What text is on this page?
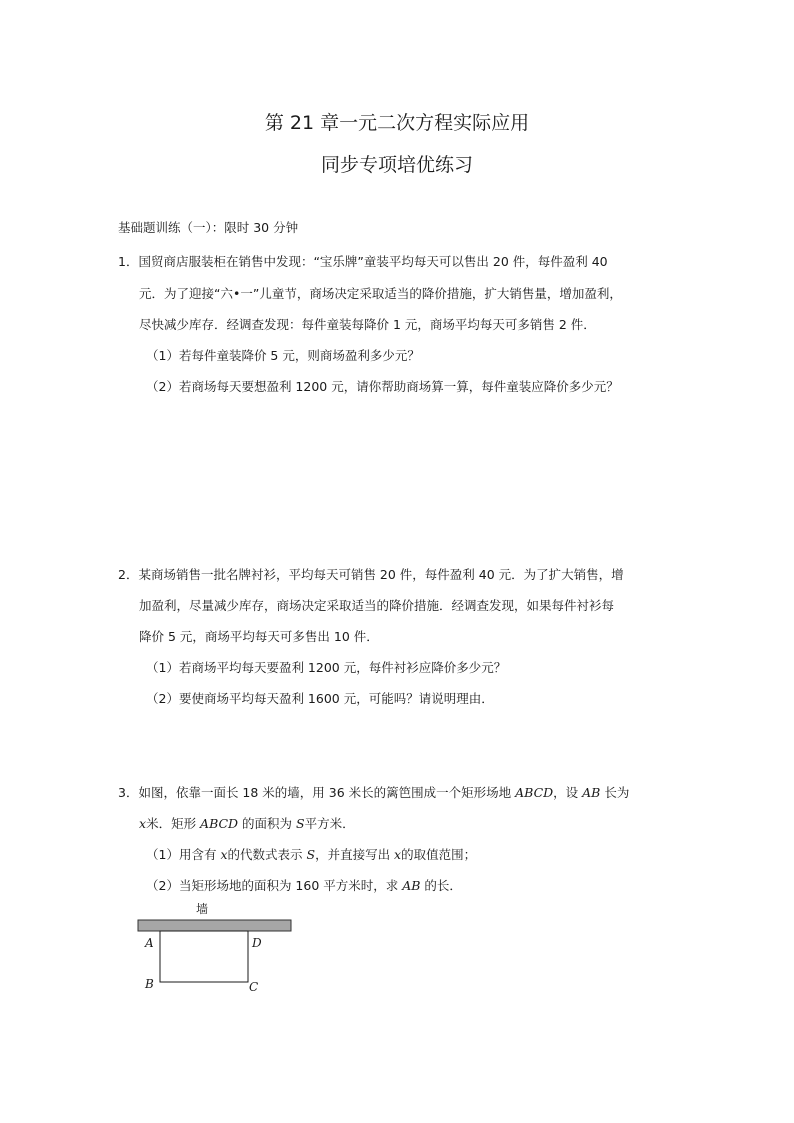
第 21 章一元二次方程实际应用
同步专项培优练习
基础题训练（一）：限时 30 分钟
1．国贸商店服装柜在销售中发现：“宝乐牌”童装平均每天可以售出 20 件，每件盈利 40
元．为了迎接“六•一”儿童节，商场决定采取适当的降价措施，扩大销售量，增加盈利，
尽快减少库存．经调查发现：每件童装每降价 1 元，商场平均每天可多销售 2 件．
（1）若每件童装降价 5 元，则商场盈利多少元？
（2）若商场每天要想盈利 1200 元，请你帮助商场算一算，每件童装应降价多少元？
2．某商场销售一批名牌衬衫，平均每天可销售 20 件，每件盈利 40 元．为了扩大销售，增
加盈利，尽量减少库存，商场决定采取适当的降价措施．经调查发现，如果每件衬衫每
降价 5 元，商场平均每天可多售出 10 件．
（1）若商场平均每天要盈利 1200 元，每件衬衫应降价多少元？
（2）要使商场平均每天盈利 1600 元，可能吗？请说明理由．
3．如图，依靠一面长 18 米的墙，用 36 米长的篱笆围成一个矩形场地 ABCD，设 AB 长为
x米．矩形 ABCD 的面积为 S平方米．
（1）用含有 x的代数式表示 S，并直接写出 x的取值范围；
（2）当矩形场地的面积为 160 平方米时，求 AB 的长．
墙
A	D
B	C
